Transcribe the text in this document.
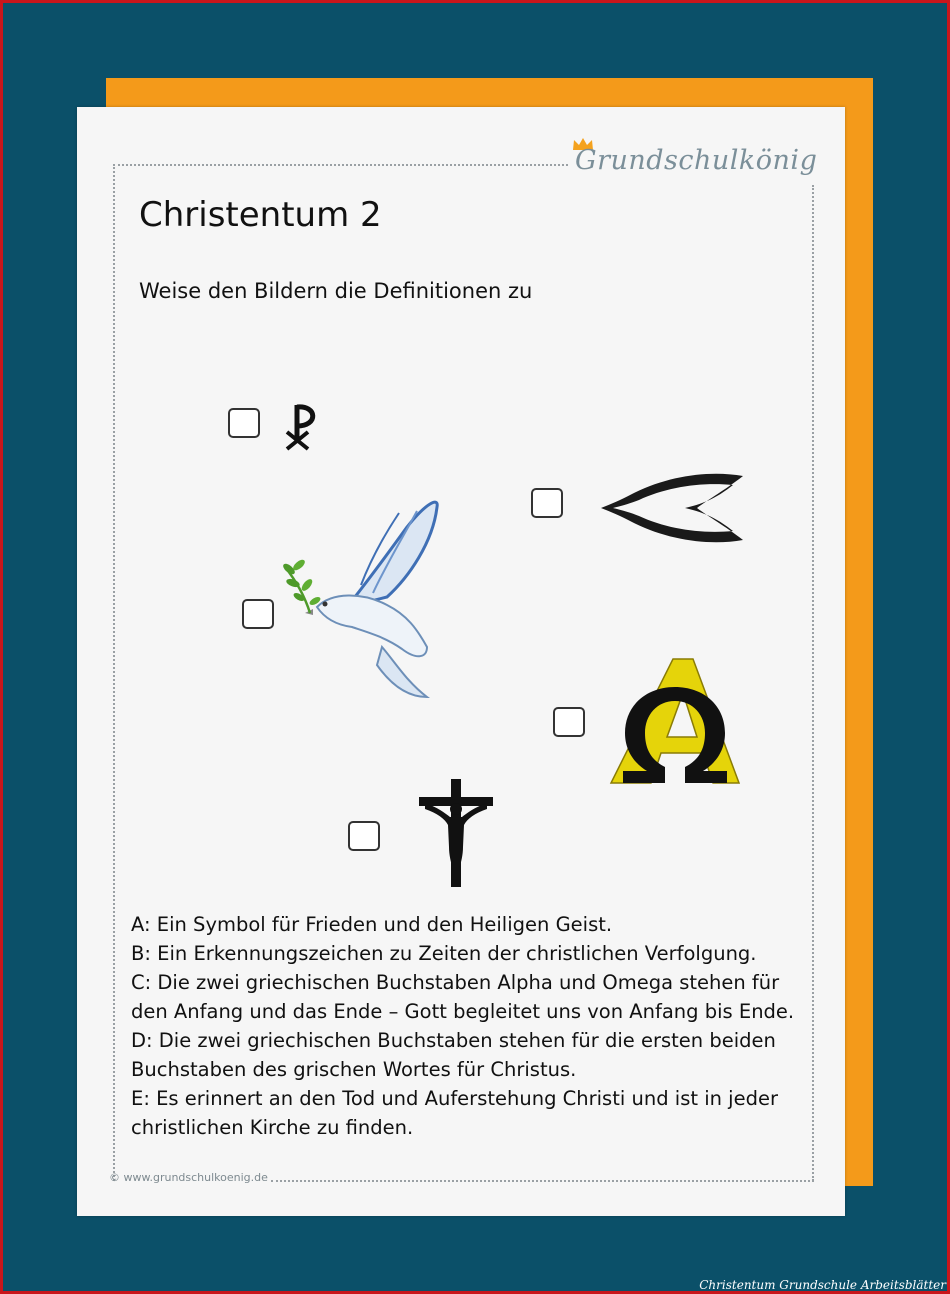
Grundschulkönig
Christentum 2
Weise den Bildern die Definitionen zu
A: Ein Symbol für Frieden und den Heiligen Geist.
B: Ein Erkennungszeichen zu Zeiten der christlichen Verfolgung.
C: Die zwei griechischen Buchstaben Alpha und Omega stehen für
den Anfang und das Ende – Gott begleitet uns von Anfang bis Ende.
D: Die zwei griechischen Buchstaben stehen für die ersten beiden
Buchstaben des grischen Wortes für Christus.
E: Es erinnert an den Tod und Auferstehung Christi und ist in jeder
christlichen Kirche zu finden.
© www.grundschulkoenig.de
Christentum Grundschule Arbeitsblätter
